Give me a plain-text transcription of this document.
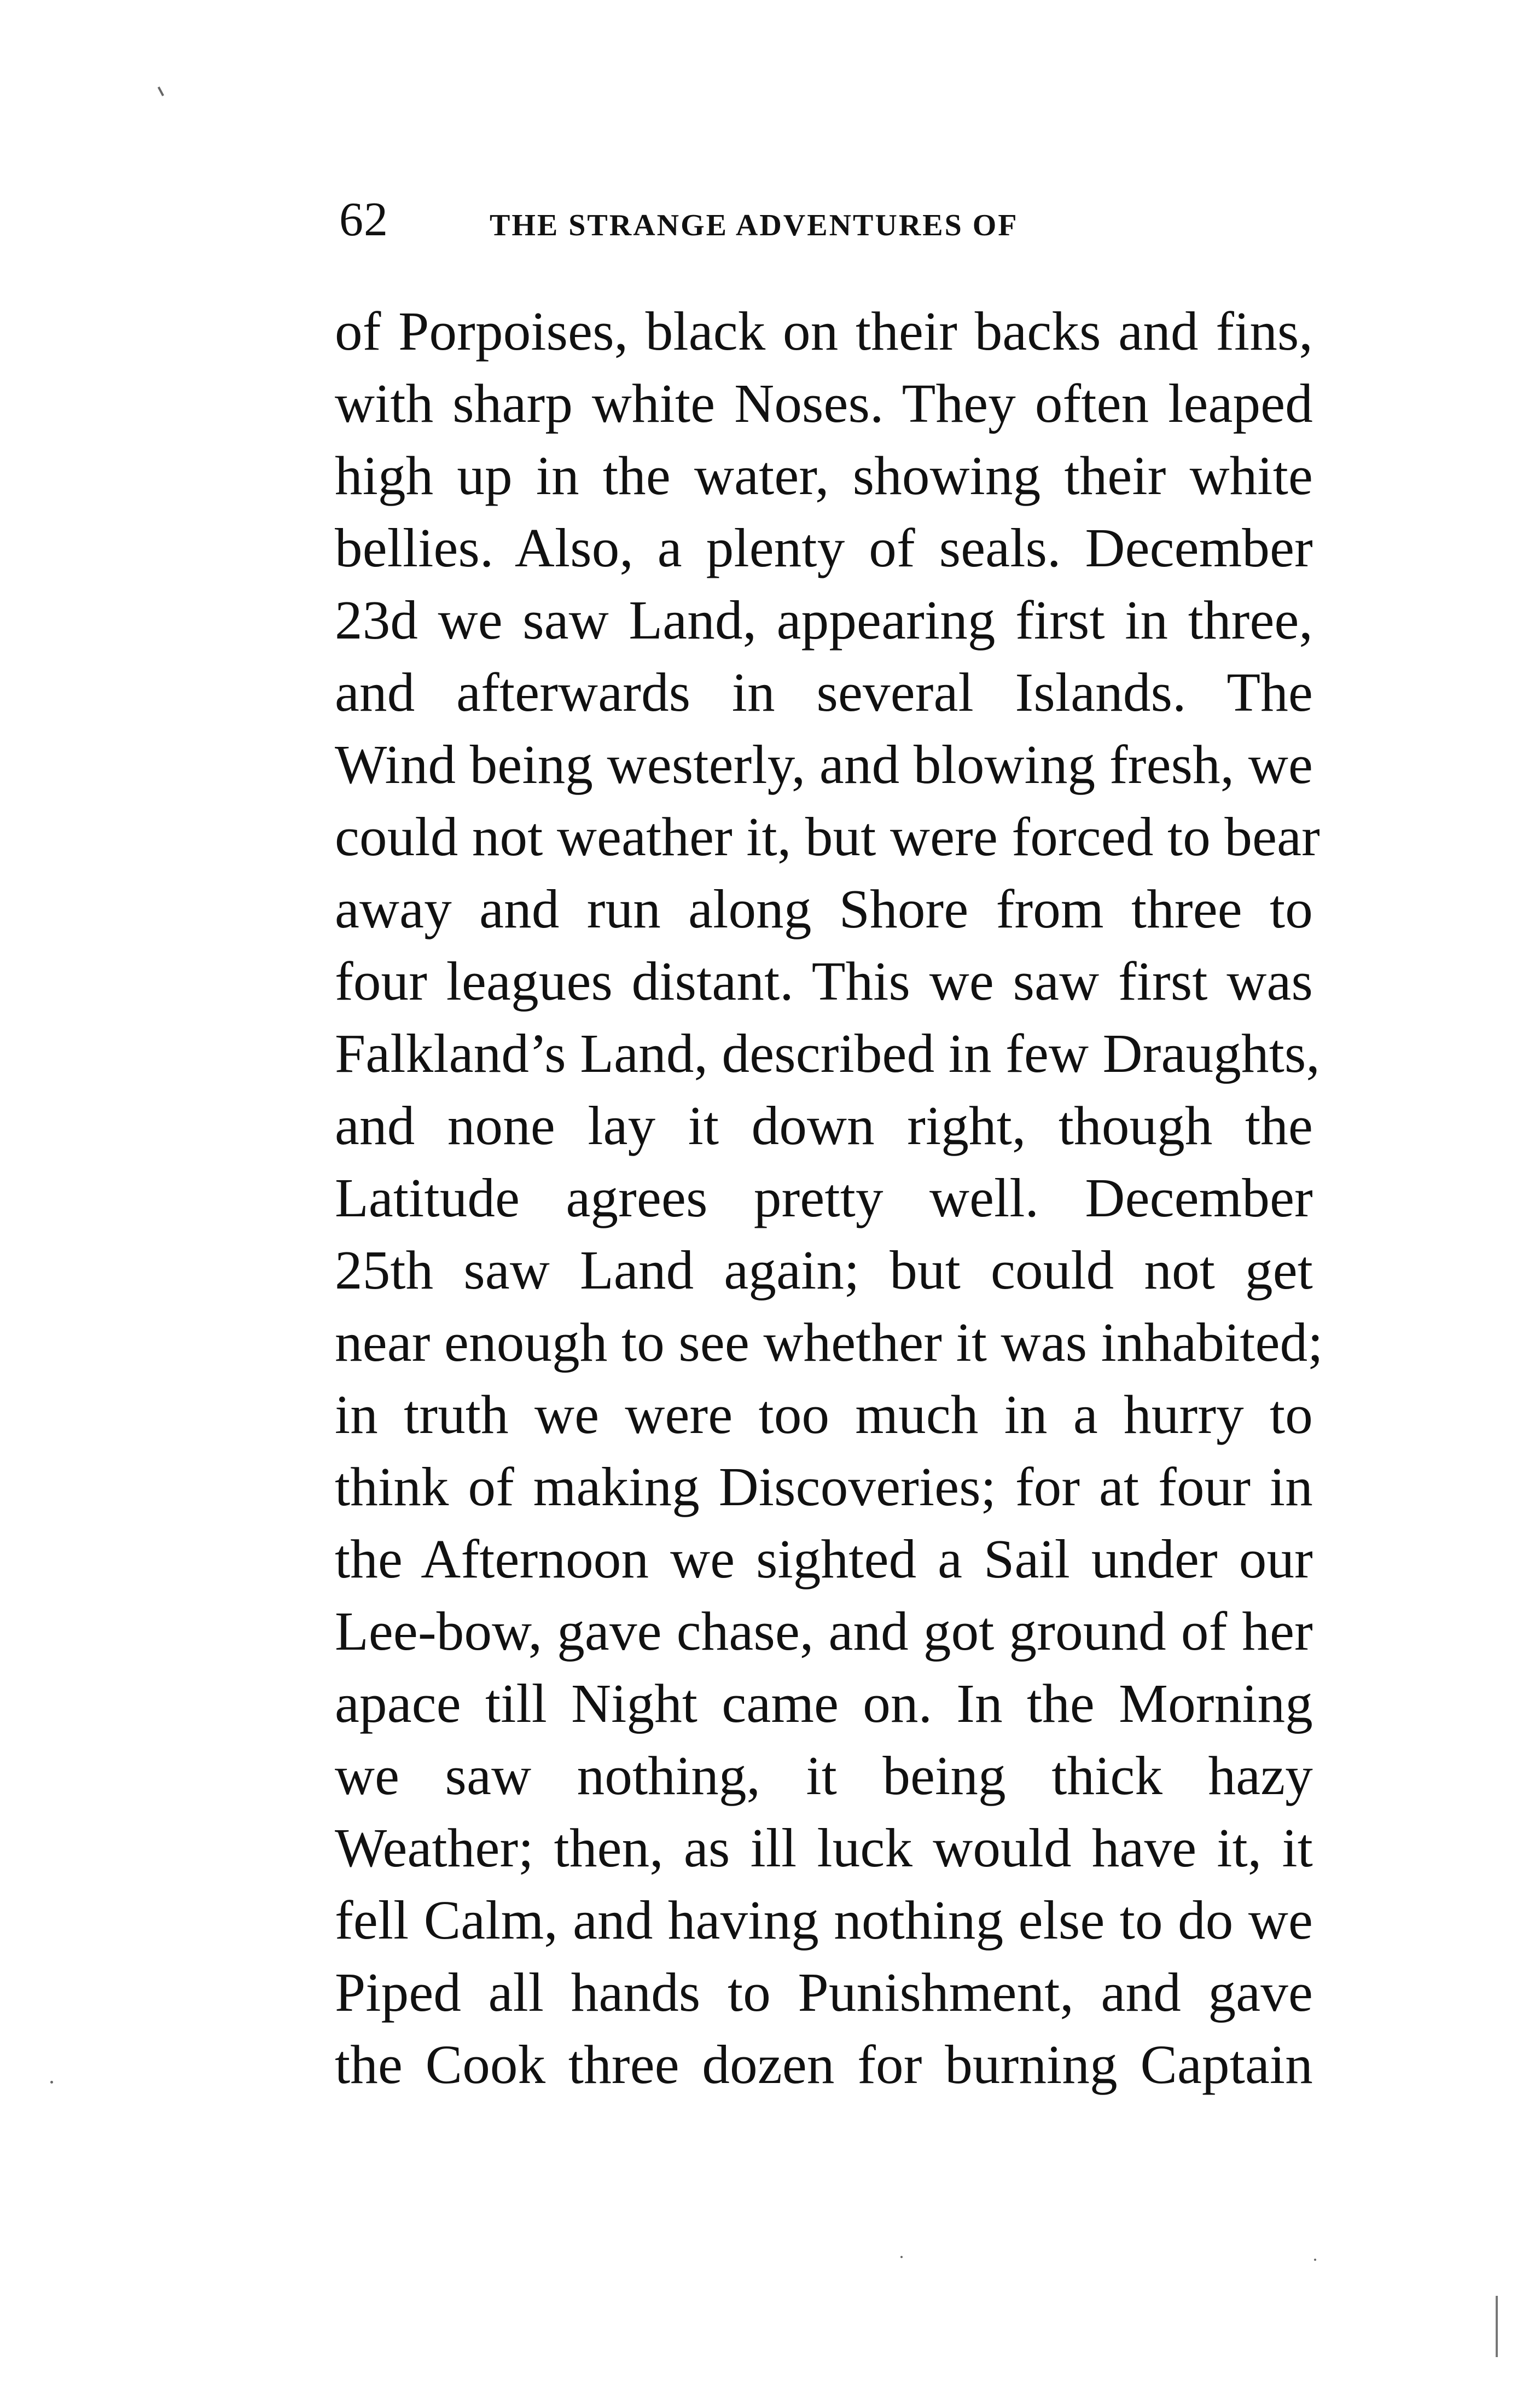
62	THE STRANGE ADVENTURES OF
of Porpoises, black on their backs and fins,
with sharp white Noses. They often leaped
high up in the water, showing their white
bellies. Also, a plenty of seals. December
23d we saw Land, appearing first in three,
and afterwards in several Islands. The
Wind being westerly, and blowing fresh, we
could not weather it, but were forced to bear
away and run along Shore from three to
four leagues distant. This we saw first was
Falkland’s Land, described in few Draughts,
and none lay it down right, though the
Latitude agrees pretty well. December
25th saw Land again; but could not get
near enough to see whether it was inhabited;
in truth we were too much in a hurry to
think of making Discoveries; for at four in
the Afternoon we sighted a Sail under our
Lee-bow, gave chase, and got ground of her
apace till Night came on. In the Morning
we saw nothing, it being thick hazy
Weather; then, as ill luck would have it, it
fell Calm, and having nothing else to do we
Piped all hands to Punishment, and gave
the Cook three dozen for burning Captain
